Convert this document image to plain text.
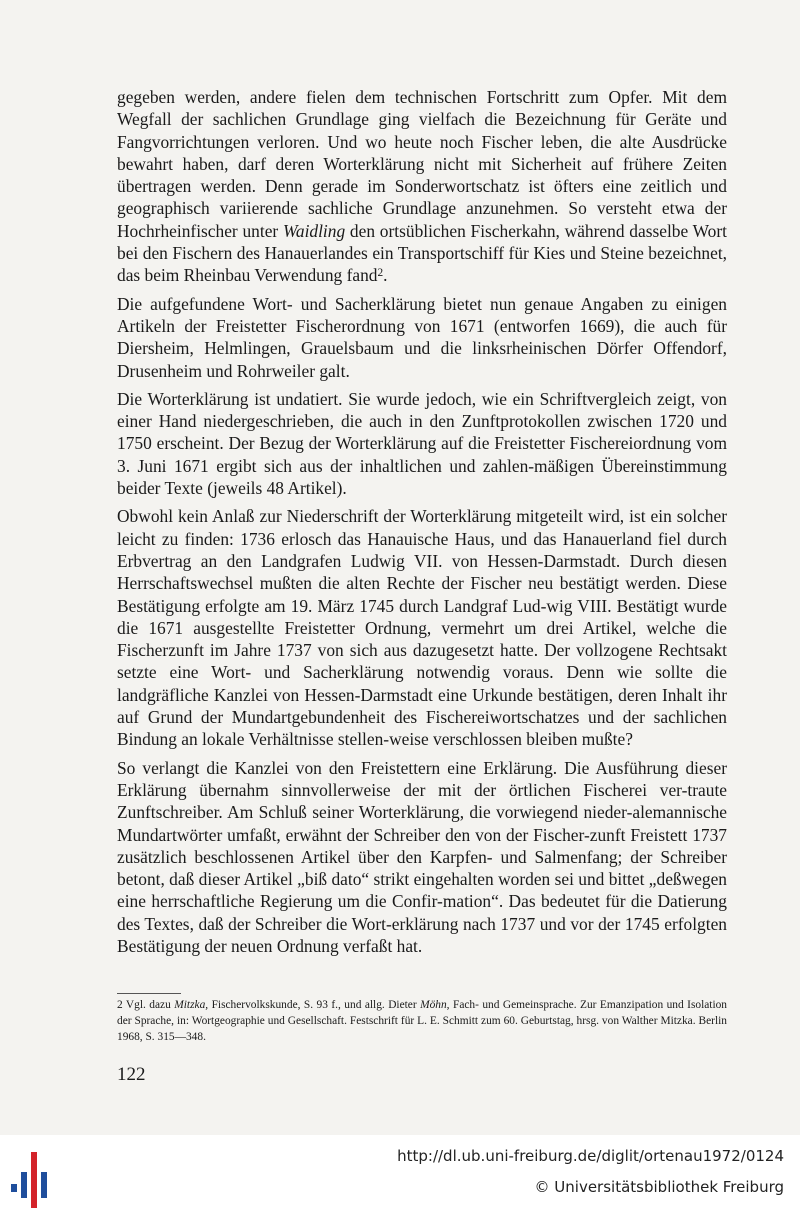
gegeben werden, andere fielen dem technischen Fortschritt zum Opfer. Mit dem Wegfall der sachlichen Grundlage ging vielfach die Bezeichnung für Geräte und Fangvorrichtungen verloren. Und wo heute noch Fischer leben, die alte Ausdrücke bewahrt haben, darf deren Worterklärung nicht mit Sicherheit auf frühere Zeiten übertragen werden. Denn gerade im Sonderwortschatz ist öfters eine zeitlich und geographisch variierende sachliche Grundlage anzunehmen. So versteht etwa der Hochrheinfischer unter Waidling den ortsüblichen Fischerkahn, während dasselbe Wort bei den Fischern des Hanauerlandes ein Transportschiff für Kies und Steine bezeichnet, das beim Rheinbau Verwendung fand$^2$.

Die aufgefundene Wort- und Sacherklärung bietet nun genaue Angaben zu einigen Artikeln der Freistetter Fischerordnung von 1671 (entworfen 1669), die auch für Diersheim, Helmlingen, Grauelsbaum und die linksrheinischen Dörfer Offendorf, Drusenheim und Rohrweiler galt.

Die Worterklärung ist undatiert. Sie wurde jedoch, wie ein Schriftvergleich zeigt, von einer Hand niedergeschrieben, die auch in den Zunftprotokollen zwischen 1720 und 1750 erscheint. Der Bezug der Worterklärung auf die Freistetter Fischereiordnung vom 3. Juni 1671 ergibt sich aus der inhaltlichen und zahlen-mäßigen Übereinstimmung beider Texte (jeweils 48 Artikel).

Obwohl kein Anlaß zur Niederschrift der Worterklärung mitgeteilt wird, ist ein solcher leicht zu finden: 1736 erlosch das Hanauische Haus, und das Hanauerland fiel durch Erbvertrag an den Landgrafen Ludwig VII. von Hessen-Darmstadt. Durch diesen Herrschaftswechsel mußten die alten Rechte der Fischer neu bestätigt werden. Diese Bestätigung erfolgte am 19. März 1745 durch Landgraf Lud-wig VIII. Bestätigt wurde die 1671 ausgestellte Freistetter Ordnung, vermehrt um drei Artikel, welche die Fischerzunft im Jahre 1737 von sich aus dazugesetzt hatte. Der vollzogene Rechtsakt setzte eine Wort- und Sacherklärung notwendig voraus. Denn wie sollte die landgräfliche Kanzlei von Hessen-Darmstadt eine Urkunde bestätigen, deren Inhalt ihr auf Grund der Mundartgebundenheit des Fischereiwortschatzes und der sachlichen Bindung an lokale Verhältnisse stellen-weise verschlossen bleiben mußte?

So verlangt die Kanzlei von den Freistettern eine Erklärung. Die Ausführung dieser Erklärung übernahm sinnvollerweise der mit der örtlichen Fischerei ver-traute Zunftschreiber. Am Schluß seiner Worterklärung, die vorwiegend nieder-alemannische Mundartwörter umfaßt, erwähnt der Schreiber den von der Fischer-zunft Freistett 1737 zusätzlich beschlossenen Artikel über den Karpfen- und Salmenfang; der Schreiber betont, daß dieser Artikel „biß dato“ strikt eingehalten worden sei und bittet „deßwegen eine herrschaftliche Regierung um die Confir-mation“. Das bedeutet für die Datierung des Textes, daß der Schreiber die Wort-erklärung nach 1737 und vor der 1745 erfolgten Bestätigung der neuen Ordnung verfaßt hat.

2 Vgl. dazu Mitzka, Fischervolkskunde, S. 93 f., und allg. Dieter Möhn, Fach- und Gemeinsprache. Zur Emanzipation und Isolation der Sprache, in: Wortgeographie und Gesellschaft. Festschrift für L. E. Schmitt zum 60. Geburtstag, hrsg. von Walther Mitzka. Berlin 1968, S. 315—348.
122
http://dl.ub.uni-freiburg.de/diglit/ortenau1972/0124
© Universitätsbibliothek Freiburg
